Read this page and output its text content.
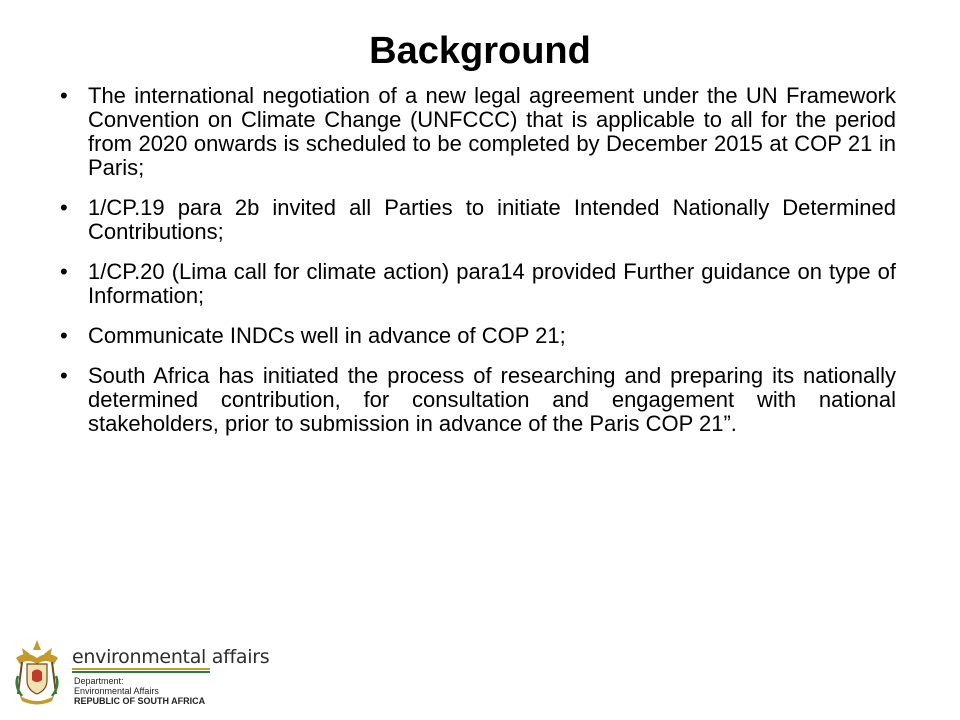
Background
• The international negotiation of a new legal agreement under the UN Framework Convention on Climate Change (UNFCCC) that is applicable to all for the period from 2020 onwards is scheduled to be completed by December 2015 at COP 21 in Paris;
• 1/CP.19 para 2b invited all Parties to initiate Intended Nationally Determined Contributions;
• 1/CP.20 (Lima call for climate action) para14 provided Further guidance on type of Information;
• Communicate INDCs well in advance of COP 21;
• South Africa has initiated the process of researching and preparing its nationally determined contribution, for consultation and engagement with national stakeholders, prior to submission in advance of the Paris COP 21”.
environmental affairs
Department:
Environmental Affairs
REPUBLIC OF SOUTH AFRICA
